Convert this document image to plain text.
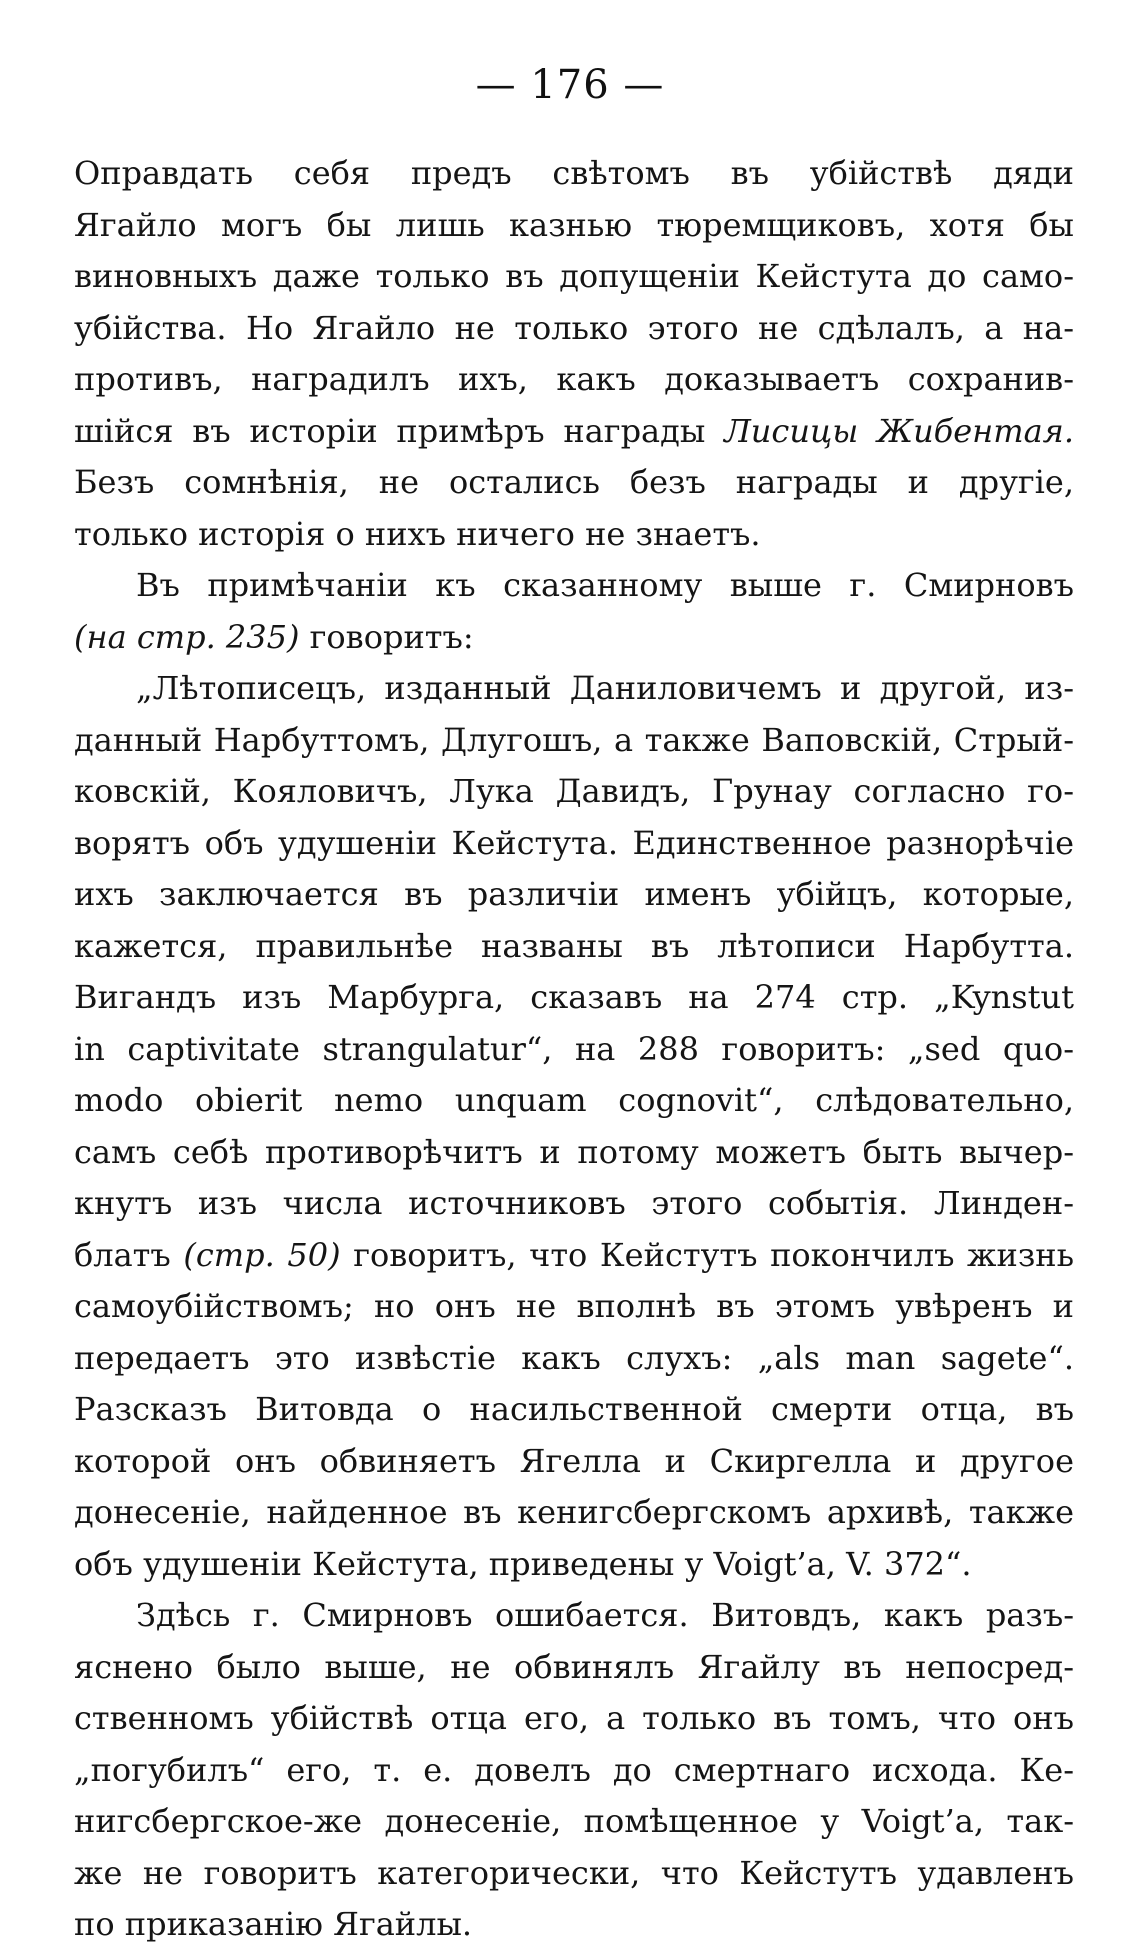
— 176 —
Оправдать себя предъ свѣтомъ въ убійствѣ дяди
Ягайло могъ бы лишь казнью тюремщиковъ, хотя бы
виновныхъ даже только въ допущеніи Кейстута до само-
убійства. Но Ягайло не только этого не сдѣлалъ, а на-
противъ, наградилъ ихъ, какъ доказываетъ сохранив-
шійся въ исторіи примѣръ награды Лисицы Жибентая.
Безъ сомнѣнія, не остались безъ награды и другіе,
только исторія о нихъ ничего не знаетъ.
Въ примѣчаніи къ сказанному выше г. Смирновъ
(на стр. 235) говоритъ:
„Лѣтописецъ, изданный Даниловичемъ и другой, из-
данный Нарбуттомъ, Длугошъ, а также Ваповскій, Стрый-
ковскій, Кояловичъ, Лука Давидъ, Грунау согласно го-
ворятъ объ удушеніи Кейстута. Единственное разнорѣчіе
ихъ заключается въ различіи именъ убійцъ, которые,
кажется, правильнѣе названы въ лѣтописи Нарбутта.
Вигандъ изъ Марбурга, сказавъ на 274 стр. „Kynstut
in captivitate strangulatur“, на 288 говоритъ: „sed quo-
modo obierit nemo unquam cognovit“, слѣдовательно,
самъ себѣ противорѣчитъ и потому можетъ быть вычер-
кнутъ изъ числа источниковъ этого событія. Линден-
блатъ (стр. 50) говоритъ, что Кейстутъ покончилъ жизнь
самоубійствомъ; но онъ не вполнѣ въ этомъ увѣренъ и
передаетъ это извѣстіе какъ слухъ: „als man sagete“.
Разсказъ Витовда о насильственной смерти отца, въ
которой онъ обвиняетъ Ягелла и Скиргелла и другое
донесеніе, найденное въ кенигсбергскомъ архивѣ, также
объ удушеніи Кейстута, приведены у Voigt’а, V. 372“.
Здѣсь г. Смирновъ ошибается. Витовдъ, какъ разъ-
яснено было выше, не обвинялъ Ягайлу въ непосред-
ственномъ убійствѣ отца его, а только въ томъ, что онъ
„погубилъ“ его, т. е. довелъ до смертнаго исхода. Ке-
нигсбергское-же донесеніе, помѣщенное у Voigt’а, так-
же не говоритъ категорически, что Кейстутъ удавленъ
по приказанію Ягайлы.
